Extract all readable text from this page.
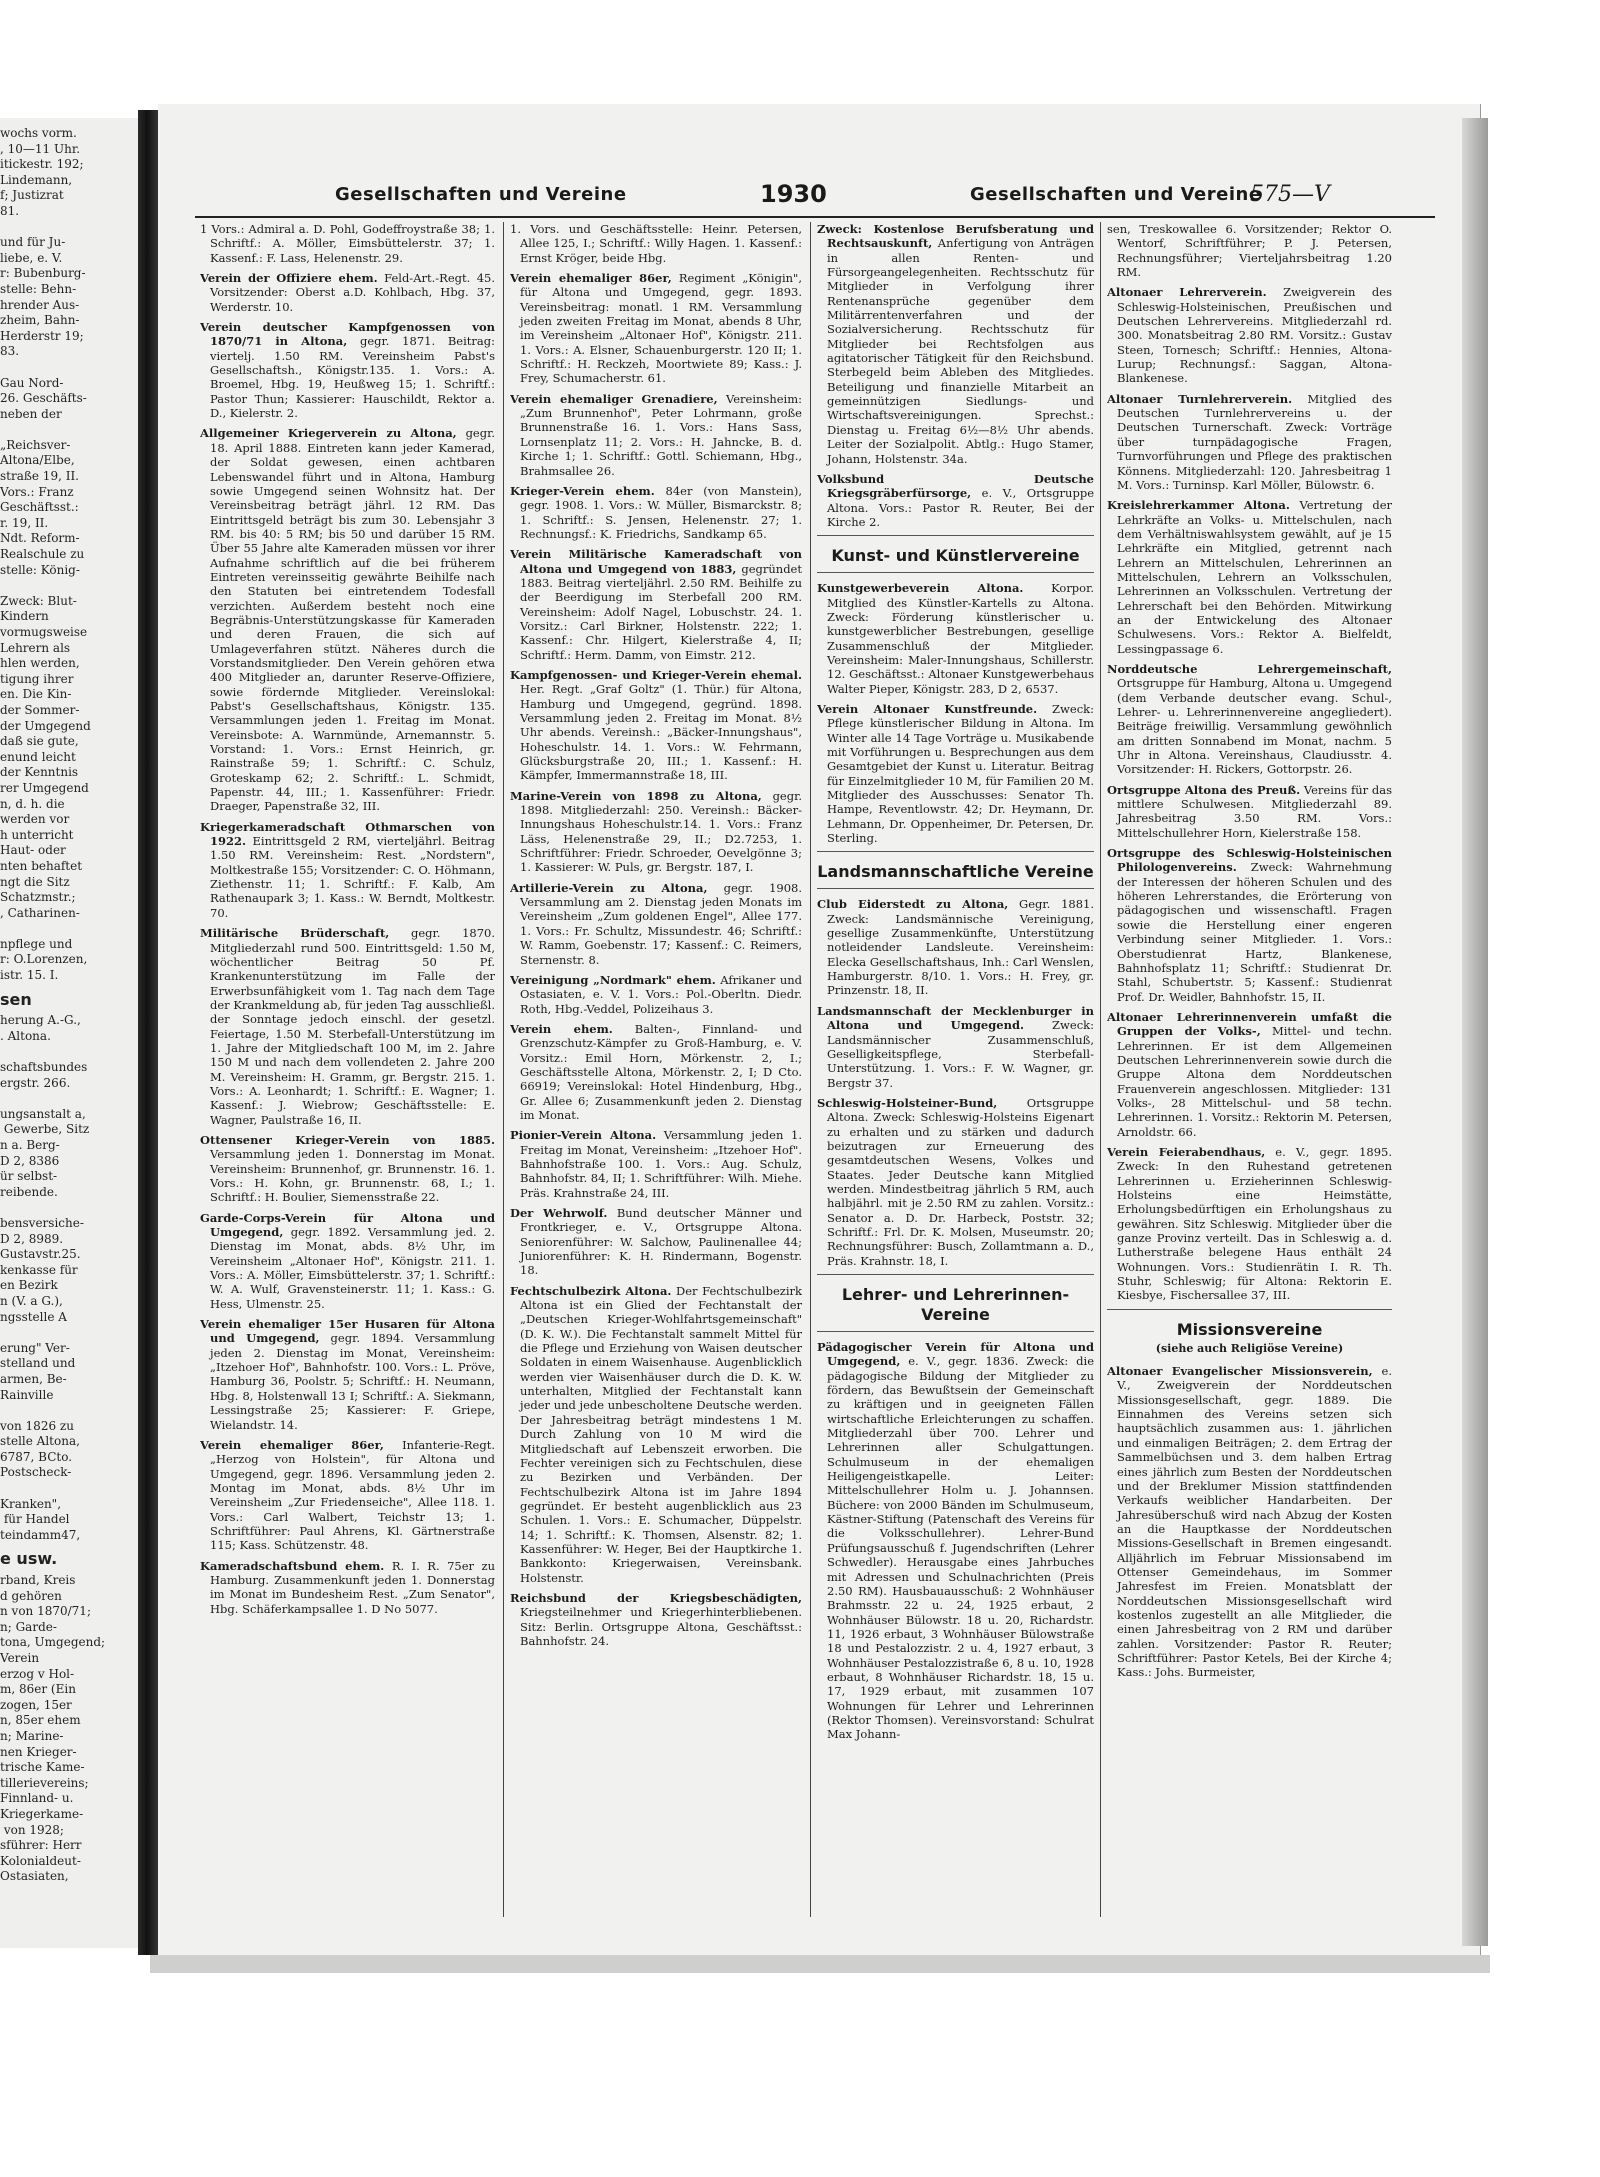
wochs vorm.
, 10—11 Uhr.
itickestr. 192;
Lindemann,
f; Justizrat
81.

und für Ju-
liebe, e. V.
r: Bubenburg-
stelle: Behn-
hrender Aus-
zheim, Bahn-
Herderstr 19;
83.

Gau Nord-
26. Geschäfts-
neben der

„Reichsver-
Altona/Elbe,
straße 19, II.
Vors.: Franz
Geschäftsst.:
r. 19, II.
Ndt. Reform-
Realschule zu
stelle: König-

Zweck: Blut-
Kindern
vormugsweise
Lehrern als
hlen werden,
tigung ihrer
en. Die Kin-
der Sommer-
der Umgegend
daß sie gute,
enund leicht
der Kenntnis
rer Umgegend
n, d. h. die
werden vor
h unterricht
Haut- oder
nten behaftet
ngt die Sitz
Schatzmstr.;
, Catharinen-

npflege und
r: O.Lorenzen,
istr. 15. I.

sen
herung A.-G.,
. Altona.

schaftsbundes
ergstr. 266.

ungsanstalt a,
Gewerbe, Sitz
n a. Berg-
D 2, 8386
ür selbst-
reibende.

bensversiche-
D 2, 8989.
Gustavstr.25.
kenkasse für
en Bezirk
n (V. a G.),
ngsstelle A

erung" Ver-
stelland und
armen, Be-
Rainville

von 1826 zu
stelle Altona,
6787, BCto.
Postscheck-

Kranken",
für Handel
teindamm47,

e usw.
rband, Kreis
d gehören
n von 1870/71;
n; Garde-
tona, Umgegend;
Verein
erzog v Hol-
m, 86er (Ein
zogen, 15er
n, 85er ehem
n; Marine-
nen Krieger-
trische Kame-
tillerievereins;
Finnland- u.
Kriegerkame-
von 1928;
sführer: Herr
Kolonialdeut-
Ostasiaten,

Gesellschaften und Vereine	1930	Gesellschaften und Vereine
575—V

1 Vors.: Admiral a. D. Pohl, Godeffroystraße 38; 1. Schriftf.: A. Möller, Eimsbüttelerstr. 37; 1. Kassenf.: F. Lass, Helenenstr. 29.

Verein der Offiziere ehem. Feld-Art.-Regt. 45. Vorsitzender: Oberst a.D. Kohlbach, Hbg. 37, Werderstr. 10.

Verein deutscher Kampfgenossen von 1870/71 in Altona, gegr. 1871. Beitrag: viertelj. 1.50 RM. Vereinsheim Pabst's Gesellschaftsh., Königstr.135. 1. Vors.: A. Broemel, Hbg. 19, Heußweg 15; 1. Schriftf.: Pastor Thun; Kassierer: Hauschildt, Rektor a. D., Kielerstr. 2.

Allgemeiner Kriegerverein zu Altona, gegr. 18. April 1888. Eintreten kann jeder Kamerad, der Soldat gewesen, einen achtbaren Lebenswandel führt und in Altona, Hamburg sowie Umgegend seinen Wohnsitz hat. Der Vereinsbeitrag beträgt jährl. 12 RM. Das Eintrittsgeld beträgt bis zum 30. Lebensjahr 3 RM. bis 40: 5 RM; bis 50 und darüber 15 RM. Über 55 Jahre alte Kameraden müssen vor ihrer Aufnahme schriftlich auf die bei früherem Eintreten vereinsseitig gewährte Beihilfe nach den Statuten bei eintretendem Todesfall verzichten. Außerdem besteht noch eine Begräbnis-Unterstützungskasse für Kameraden und deren Frauen, die sich auf Umlageverfahren stützt. Näheres durch die Vorstandsmitglieder. Den Verein gehören etwa 400 Mitglieder an, darunter Reserve-Offiziere, sowie fördernde Mitglieder. Vereinslokal: Pabst's Gesellschaftshaus, Königstr. 135. Versammlungen jeden 1. Freitag im Monat. Vereinsbote: A. Warnmünde, Arnemannstr. 5. Vorstand: 1. Vors.: Ernst Heinrich, gr. Rainstraße 59; 1. Schriftf.: C. Schulz, Groteskamp 62; 2. Schriftf.: L. Schmidt, Papenstr. 44, III.; 1. Kassenführer: Friedr. Draeger, Papenstraße 32, III.

Kriegerkameradschaft Othmarschen von 1922. Eintrittsgeld 2 RM, vierteljährl. Beitrag 1.50 RM. Vereinsheim: Rest. „Nordstern", Moltkestraße 155; Vorsitzender: C. O. Höhmann, Ziethenstr. 11; 1. Schriftf.: F. Kalb, Am Rathenaupark 3; 1. Kass.: W. Berndt, Moltkestr. 70.

Militärische Brüderschaft, gegr. 1870. Mitgliederzahl rund 500. Eintrittsgeld: 1.50 M, wöchentlicher Beitrag 50 Pf. Krankenunterstützung im Falle der Erwerbsunfähigkeit vom 1. Tag nach dem Tage der Krankmeldung ab, für jeden Tag ausschließl. der Sonntage jedoch einschl. der gesetzl. Feiertage, 1.50 M. Sterbefall-Unterstützung im 1. Jahre der Mitgliedschaft 100 M, im 2. Jahre 150 M und nach dem vollendeten 2. Jahre 200 M. Vereinsheim: H. Gramm, gr. Bergstr. 215. 1. Vors.: A. Leonhardt; 1. Schriftf.: E. Wagner; 1. Kassenf.: J. Wiebrow; Geschäftsstelle: E. Wagner, Paulstraße 16, II.

Ottensener Krieger-Verein von 1885. Versammlung jeden 1. Donnerstag im Monat. Vereinsheim: Brunnenhof, gr. Brunnenstr. 16. 1. Vors.: H. Kohn, gr. Brunnenstr. 68, I.; 1. Schriftf.: H. Boulier, Siemensstraße 22.

Garde-Corps-Verein für Altona und Umgegend, gegr. 1892. Versammlung jed. 2. Dienstag im Monat, abds. 8½ Uhr, im Vereinsheim „Altonaer Hof", Königstr. 211. 1. Vors.: A. Möller, Eimsbüttelerstr. 37; 1. Schriftf.: W. A. Wulf, Gravensteinerstr. 11; 1. Kass.: G. Hess, Ulmenstr. 25.

Verein ehemaliger 15er Husaren für Altona und Umgegend, gegr. 1894. Versammlung jeden 2. Dienstag im Monat, Vereinsheim: „Itzehoer Hof", Bahnhofstr. 100. Vors.: L. Pröve, Hamburg 36, Poolstr. 5; Schriftf.: H. Neumann, Hbg. 8, Holstenwall 13 I; Schriftf.: A. Siekmann, Lessingstraße 25; Kassierer: F. Griepe, Wielandstr. 14.

Verein ehemaliger 86er, Infanterie-Regt. „Herzog von Holstein", für Altona und Umgegend, gegr. 1896. Versammlung jeden 2. Montag im Monat, abds. 8½ Uhr im Vereinsheim „Zur Friedenseiche", Allee 118. 1. Vors.: Carl Walbert, Teichstr 13; 1. Schriftführer: Paul Ahrens, Kl. Gärtnerstraße 115; Kass. Schützenstr. 48.

Kameradschaftsbund ehem. R. I. R. 75er zu Hamburg. Zusammenkunft jeden 1. Donnerstag im Monat im Bundesheim Rest. „Zum Senator", Hbg. Schäferkampsallee 1. D No 5077.

1. Vors. und Geschäftsstelle: Heinr. Petersen, Allee 125, I.; Schriftf.: Willy Hagen. 1. Kassenf.: Ernst Kröger, beide Hbg.

Verein ehemaliger 86er, Regiment „Königin", für Altona und Umgegend, gegr. 1893. Vereinsbeitrag: monatl. 1 RM. Versammlung jeden zweiten Freitag im Monat, abends 8 Uhr, im Vereinsheim „Altonaer Hof", Königstr. 211. 1. Vors.: A. Elsner, Schauenburgerstr. 120 II; 1. Schriftf.: H. Reckzeh, Moortwiete 89; Kass.: J. Frey, Schumacherstr. 61.

Verein ehemaliger Grenadiere, Vereinsheim: „Zum Brunnenhof", Peter Lohrmann, große Brunnenstraße 16. 1. Vors.: Hans Sass, Lornsenplatz 11; 2. Vors.: H. Jahncke, B. d. Kirche 1; 1. Schriftf.: Gottl. Schiemann, Hbg., Brahmsallee 26.

Krieger-Verein ehem. 84er (von Manstein), gegr. 1908. 1. Vors.: W. Müller, Bismarckstr. 8; 1. Schriftf.: S. Jensen, Helenenstr. 27; 1. Rechnungsf.: K. Friedrichs, Sandkamp 65.

Verein Militärische Kameradschaft von Altona und Umgegend von 1883, gegründet 1883. Beitrag vierteljährl. 2.50 RM. Beihilfe zu der Beerdigung im Sterbefall 200 RM. Vereinsheim: Adolf Nagel, Lobuschstr. 24. 1. Vorsitz.: Carl Birkner, Holstenstr. 222; 1. Kassenf.: Chr. Hilgert, Kielerstraße 4, II; Schriftf.: Herm. Damm, von Eimstr. 212.

Kampfgenossen- und Krieger-Verein ehemal. Her. Regt. „Graf Goltz" (1. Thür.) für Altona, Hamburg und Umgegend, gegründ. 1898. Versammlung jeden 2. Freitag im Monat. 8½ Uhr abends. Vereinsh.: „Bäcker-Innungshaus", Hoheschulstr. 14. 1. Vors.: W. Fehrmann, Glücksburgstraße 20, III.; 1. Kassenf.: H. Kämpfer, Immermannstraße 18, III.

Marine-Verein von 1898 zu Altona, gegr. 1898. Mitgliederzahl: 250. Vereinsh.: Bäcker-Innungshaus Hoheschulstr.14. 1. Vors.: Franz Läss, Helenenstraße 29, II.; D2.7253, 1. Schriftführer: Friedr. Schroeder, Oevelgönne 3; 1. Kassierer: W. Puls, gr. Bergstr. 187, I.

Artillerie-Verein zu Altona, gegr. 1908. Versammlung am 2. Dienstag jeden Monats im Vereinsheim „Zum goldenen Engel", Allee 177. 1. Vors.: Fr. Schultz, Missundestr. 46; Schriftf.: W. Ramm, Goebenstr. 17; Kassenf.: C. Reimers, Sternenstr. 8.

Vereinigung „Nordmark" ehem. Afrikaner und Ostasiaten, e. V. 1. Vors.: Pol.-Oberltn. Diedr. Roth, Hbg.-Veddel, Polizeihaus 3.

Verein ehem. Balten-, Finnland- und Grenzschutz-Kämpfer zu Groß-Hamburg, e. V. Vorsitz.: Emil Horn, Mörkenstr. 2, I.; Geschäftsstelle Altona, Mörkenstr. 2, I; D Cto. 66919; Vereinslokal: Hotel Hindenburg, Hbg., Gr. Allee 6; Zusammenkunft jeden 2. Dienstag im Monat.

Pionier-Verein Altona. Versammlung jeden 1. Freitag im Monat, Vereinsheim: „Itzehoer Hof". Bahnhofstraße 100. 1. Vors.: Aug. Schulz, Bahnhofstr. 84, II; 1. Schriftführer: Wilh. Miehe. Präs. Krahnstraße 24, III.

Der Wehrwolf. Bund deutscher Männer und Frontkrieger, e. V., Ortsgruppe Altona. Seniorenführer: W. Salchow, Paulinenallee 44; Juniorenführer: K. H. Rindermann, Bogenstr. 18.

Fechtschulbezirk Altona. Der Fechtschulbezirk Altona ist ein Glied der Fechtanstalt der „Deutschen Krieger-Wohlfahrtsgemeinschaft" (D. K. W.). Die Fechtanstalt sammelt Mittel für die Pflege und Erziehung von Waisen deutscher Soldaten in einem Waisenhause. Augenblicklich werden vier Waisenhäuser durch die D. K. W. unterhalten, Mitglied der Fechtanstalt kann jeder und jede unbescholtene Deutsche werden. Der Jahresbeitrag beträgt mindestens 1 M. Durch Zahlung von 10 M wird die Mitgliedschaft auf Lebenszeit erworben. Die Fechter vereinigen sich zu Fechtschulen, diese zu Bezirken und Verbänden. Der Fechtschulbezirk Altona ist im Jahre 1894 gegründet. Er besteht augenblicklich aus 23 Schulen. 1. Vors.: E. Schumacher, Düppelstr. 14; 1. Schriftf.: K. Thomsen, Alsenstr. 82; 1. Kassenführer: W. Heger, Bei der Hauptkirche 1. Bankkonto: Kriegerwaisen, Vereinsbank. Holstenstr.

Reichsbund der Kriegsbeschädigten, Kriegsteilnehmer und Kriegerhinterbliebenen. Sitz: Berlin. Ortsgruppe Altona, Geschäftsst.: Bahnhofstr. 24.

Zweck: Kostenlose Berufsberatung und Rechtsauskunft, Anfertigung von Anträgen in allen Renten- und Fürsorgeangelegenheiten. Rechtsschutz für Mitglieder in Verfolgung ihrer Rentenansprüche gegenüber dem Militärrentenverfahren und der Sozialversicherung. Rechtsschutz für Mitglieder bei Rechtsfolgen aus agitatorischer Tätigkeit für den Reichsbund. Sterbegeld beim Ableben des Mitgliedes. Beteiligung und finanzielle Mitarbeit an gemeinnützigen Siedlungs- und Wirtschaftsvereinigungen. Sprechst.: Dienstag u. Freitag 6½—8½ Uhr abends. Leiter der Sozialpolit. Abtlg.: Hugo Stamer, Johann, Holstenstr. 34a.

Volksbund Deutsche Kriegsgräberfürsorge, e. V., Ortsgruppe Altona. Vors.: Pastor R. Reuter, Bei der Kirche 2.

Kunst- und Künstlervereine

Kunstgewerbeverein Altona. Korpor. Mitglied des Künstler-Kartells zu Altona. Zweck: Förderung künstlerischer u. kunstgewerblicher Bestrebungen, gesellige Zusammenschluß der Mitglieder. Vereinsheim: Maler-Innungshaus, Schillerstr. 12. Geschäftsst.: Altonaer Kunstgewerbehaus Walter Pieper, Königstr. 283, D 2, 6537.

Verein Altonaer Kunstfreunde. Zweck: Pflege künstlerischer Bildung in Altona. Im Winter alle 14 Tage Vorträge u. Musikabende mit Vorführungen u. Besprechungen aus dem Gesamtgebiet der Kunst u. Literatur. Beitrag für Einzelmitglieder 10 M, für Familien 20 M. Mitglieder des Ausschusses: Senator Th. Hampe, Reventlowstr. 42; Dr. Heymann, Dr. Lehmann, Dr. Oppenheimer, Dr. Petersen, Dr. Sterling.

Landsmannschaftliche Vereine

Club Eiderstedt zu Altona, Gegr. 1881. Zweck: Landsmännische Vereinigung, gesellige Zusammenkünfte, Unterstützung notleidender Landsleute. Vereinsheim: Elecka Gesellschaftshaus, Inh.: Carl Wenslen, Hamburgerstr. 8/10. 1. Vors.: H. Frey, gr. Prinzenstr. 18, II.

Landsmannschaft der Mecklenburger in Altona und Umgegend. Zweck: Landsmännischer Zusammenschluß, Geselligkeitspflege, Sterbefall-Unterstützung. 1. Vors.: F. W. Wagner, gr. Bergstr 37.

Schleswig-Holsteiner-Bund, Ortsgruppe Altona. Zweck: Schleswig-Holsteins Eigenart zu erhalten und zu stärken und dadurch beizutragen zur Erneuerung des gesamtdeutschen Wesens, Volkes und Staates. Jeder Deutsche kann Mitglied werden. Mindestbeitrag jährlich 5 RM, auch halbjährl. mit je 2.50 RM zu zahlen. Vorsitz.: Senator a. D. Dr. Harbeck, Poststr. 32; Schriftf.: Frl. Dr. K. Molsen, Museumstr. 20; Rechnungsführer: Busch, Zollamtmann a. D., Präs. Krahnstr. 18, I.

Lehrer- und Lehrerinnen-Vereine

Pädagogischer Verein für Altona und Umgegend, e. V., gegr. 1836. Zweck: die pädagogische Bildung der Mitglieder zu fördern, das Bewußtsein der Gemeinschaft zu kräftigen und in geeigneten Fällen wirtschaftliche Erleichterungen zu schaffen. Mitgliederzahl über 700. Lehrer und Lehrerinnen aller Schulgattungen. Schulmuseum in der ehemaligen Heiligengeistkapelle. Leiter: Mittelschullehrer Holm u. J. Johannsen. Büchere: von 2000 Bänden im Schulmuseum, Kästner-Stiftung (Patenschaft des Vereins für die Volksschullehrer). Lehrer-Bund Prüfungsausschuß f. Jugendschriften (Lehrer Schwedler). Herausgabe eines Jahrbuches mit Adressen und Schulnachrichten (Preis 2.50 RM). Hausbauausschuß: 2 Wohnhäuser Brahmsstr. 22 u. 24, 1925 erbaut, 2 Wohnhäuser Bülowstr. 18 u. 20, Richardstr. 11, 1926 erbaut, 3 Wohnhäuser Bülowstraße 18 und Pestalozzistr. 2 u. 4, 1927 erbaut, 3 Wohnhäuser Pestalozzistraße 6, 8 u. 10, 1928 erbaut, 8 Wohnhäuser Richardstr. 18, 15 u. 17, 1929 erbaut, mit zusammen 107 Wohnungen für Lehrer und Lehrerinnen (Rektor Thomsen). Vereinsvorstand: Schulrat Max Johann-

sen, Treskowallee 6. Vorsitzender; Rektor O. Wentorf, Schriftführer; P. J. Petersen, Rechnungsführer; Vierteljahrsbeitrag 1.20 RM.

Altonaer Lehrerverein. Zweigverein des Schleswig-Holsteinischen, Preußischen und Deutschen Lehrervereins. Mitgliederzahl rd. 300. Monatsbeitrag 2.80 RM. Vorsitz.: Gustav Steen, Tornesch; Schriftf.: Hennies, Altona-Lurup; Rechnungsf.: Saggan, Altona-Blankenese.

Altonaer Turnlehrerverein. Mitglied des Deutschen Turnlehrervereins u. der Deutschen Turnerschaft. Zweck: Vorträge über turnpädagogische Fragen, Turnvorführungen und Pflege des praktischen Könnens. Mitgliederzahl: 120. Jahresbeitrag 1 M. Vors.: Turninsp. Karl Möller, Bülowstr. 6.

Kreislehrerkammer Altona. Vertretung der Lehrkräfte an Volks- u. Mittelschulen, nach dem Verhältniswahlsystem gewählt, auf je 15 Lehrkräfte ein Mitglied, getrennt nach Lehrern an Mittelschulen, Lehrerinnen an Mittelschulen, Lehrern an Volksschulen, Lehrerinnen an Volksschulen. Vertretung der Lehrerschaft bei den Behörden. Mitwirkung an der Entwickelung des Altonaer Schulwesens. Vors.: Rektor A. Bielfeldt, Lessingpassage 6.

Norddeutsche Lehrergemeinschaft, Ortsgruppe für Hamburg, Altona u. Umgegend (dem Verbande deutscher evang. Schul-, Lehrer- u. Lehrerinnenvereine angegliedert). Beiträge freiwillig. Versammlung gewöhnlich am dritten Sonnabend im Monat, nachm. 5 Uhr in Altona. Vereinshaus, Claudiusstr. 4. Vorsitzender: H. Rickers, Gottorpstr. 26.

Ortsgruppe Altona des Preuß. Vereins für das mittlere Schulwesen. Mitgliederzahl 89. Jahresbeitrag 3.50 RM. Vors.: Mittelschullehrer Horn, Kielerstraße 158.

Ortsgruppe des Schleswig-Holsteinischen Philologenvereins. Zweck: Wahrnehmung der Interessen der höheren Schulen und des höheren Lehrerstandes, die Erörterung von pädagogischen und wissenschaftl. Fragen sowie die Herstellung einer engeren Verbindung seiner Mitglieder. 1. Vors.: Oberstudienrat Hartz, Blankenese, Bahnhofsplatz 11; Schriftf.: Studienrat Dr. Stahl, Schubertstr. 5; Kassenf.: Studienrat Prof. Dr. Weidler, Bahnhofstr. 15, II.

Altonaer Lehrerinnenverein umfaßt die Gruppen der Volks-, Mittel- und techn. Lehrerinnen. Er ist dem Allgemeinen Deutschen Lehrerinnenverein sowie durch die Gruppe Altona dem Norddeutschen Frauenverein angeschlossen. Mitglieder: 131 Volks-, 28 Mittelschul- und 58 techn. Lehrerinnen. 1. Vorsitz.: Rektorin M. Petersen, Arnoldstr. 66.

Verein Feierabendhaus, e. V., gegr. 1895. Zweck: In den Ruhestand getretenen Lehrerinnen u. Erzieherinnen Schleswig-Holsteins eine Heimstätte, Erholungsbedürftigen ein Erholungshaus zu gewähren. Sitz Schleswig. Mitglieder über die ganze Provinz verteilt. Das in Schleswig a. d. Lutherstraße belegene Haus enthält 24 Wohnungen. Vors.: Studienrätin I. R. Th. Stuhr, Schleswig; für Altona: Rektorin E. Kiesbye, Fischersallee 37, III.

Missionsvereine
(siehe auch Religiöse Vereine)

Altonaer Evangelischer Missionsverein, e. V., Zweigverein der Norddeutschen Missionsgesellschaft, gegr. 1889. Die Einnahmen des Vereins setzen sich hauptsächlich zusammen aus: 1. jährlichen und einmaligen Beiträgen; 2. dem Ertrag der Sammelbüchsen und 3. dem halben Ertrag eines jährlich zum Besten der Norddeutschen und der Breklumer Mission stattfindenden Verkaufs weiblicher Handarbeiten. Der Jahresüberschuß wird nach Abzug der Kosten an die Hauptkasse der Norddeutschen Missions-Gesellschaft in Bremen eingesandt. Alljährlich im Februar Missionsabend im Ottenser Gemeindehaus, im Sommer Jahresfest im Freien. Monatsblatt der Norddeutschen Missionsgesellschaft wird kostenlos zugestellt an alle Mitglieder, die einen Jahresbeitrag von 2 RM und darüber zahlen. Vorsitzender: Pastor R. Reuter; Schriftführer: Pastor Ketels, Bei der Kirche 4; Kass.: Johs. Burmeister,
